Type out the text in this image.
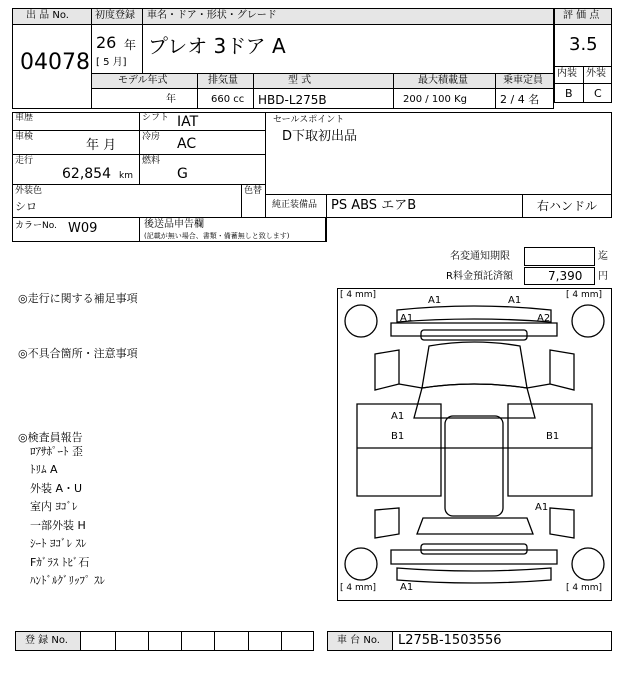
出 品 No.
04078
初度登録 車名・ドア・形状・グレード
26 年
[ 5 月]
プレオ 3ドア A
評 価 点
3.5
内装 外装
B C
モデル年式	排気量	型 式	最大積載量	乗車定員
年	660 cc HBD-L275B	200 / 100 Kg	2 / 4 名
車歴	シフト IAT
車検
年 月
冷房 AC
走行
62,854 km
燃料
G
外装色
シロ
色替
カラーNo. W09	後送品申告欄
(記載が無い場合、書類・備蓄無しと致します)
セールスポイント
D下取初出品
純正装備品 PS ABS エアB	右ハンドル
名変通知期限	迄
R料金預託済額	7,390 円
◎走行に関する補足事項
◎不具合箇所・注意事項
◎検査員報告
ﾛｱｻﾎﾟｰﾄ 歪
ﾄﾘﾑ A
外装 A・U
室内 ﾖｺﾞﾚ
一部外装 H
ｼｰﾄ ﾖｺﾞﾚ ｽﾚ
Fｶﾞﾗｽ ﾄﾋﾞ石
ﾊﾝﾄﾞﾙｸﾞﾘｯﾌﾟ ｽﾚ
[ 4 mm]	[ 4 mm]
[ 4 mm]	[ 4 mm]
A1	A1
A1	A2
A1
B1	B1
A1
A1
登 録 No.	車 台 No. L275B-1503556
